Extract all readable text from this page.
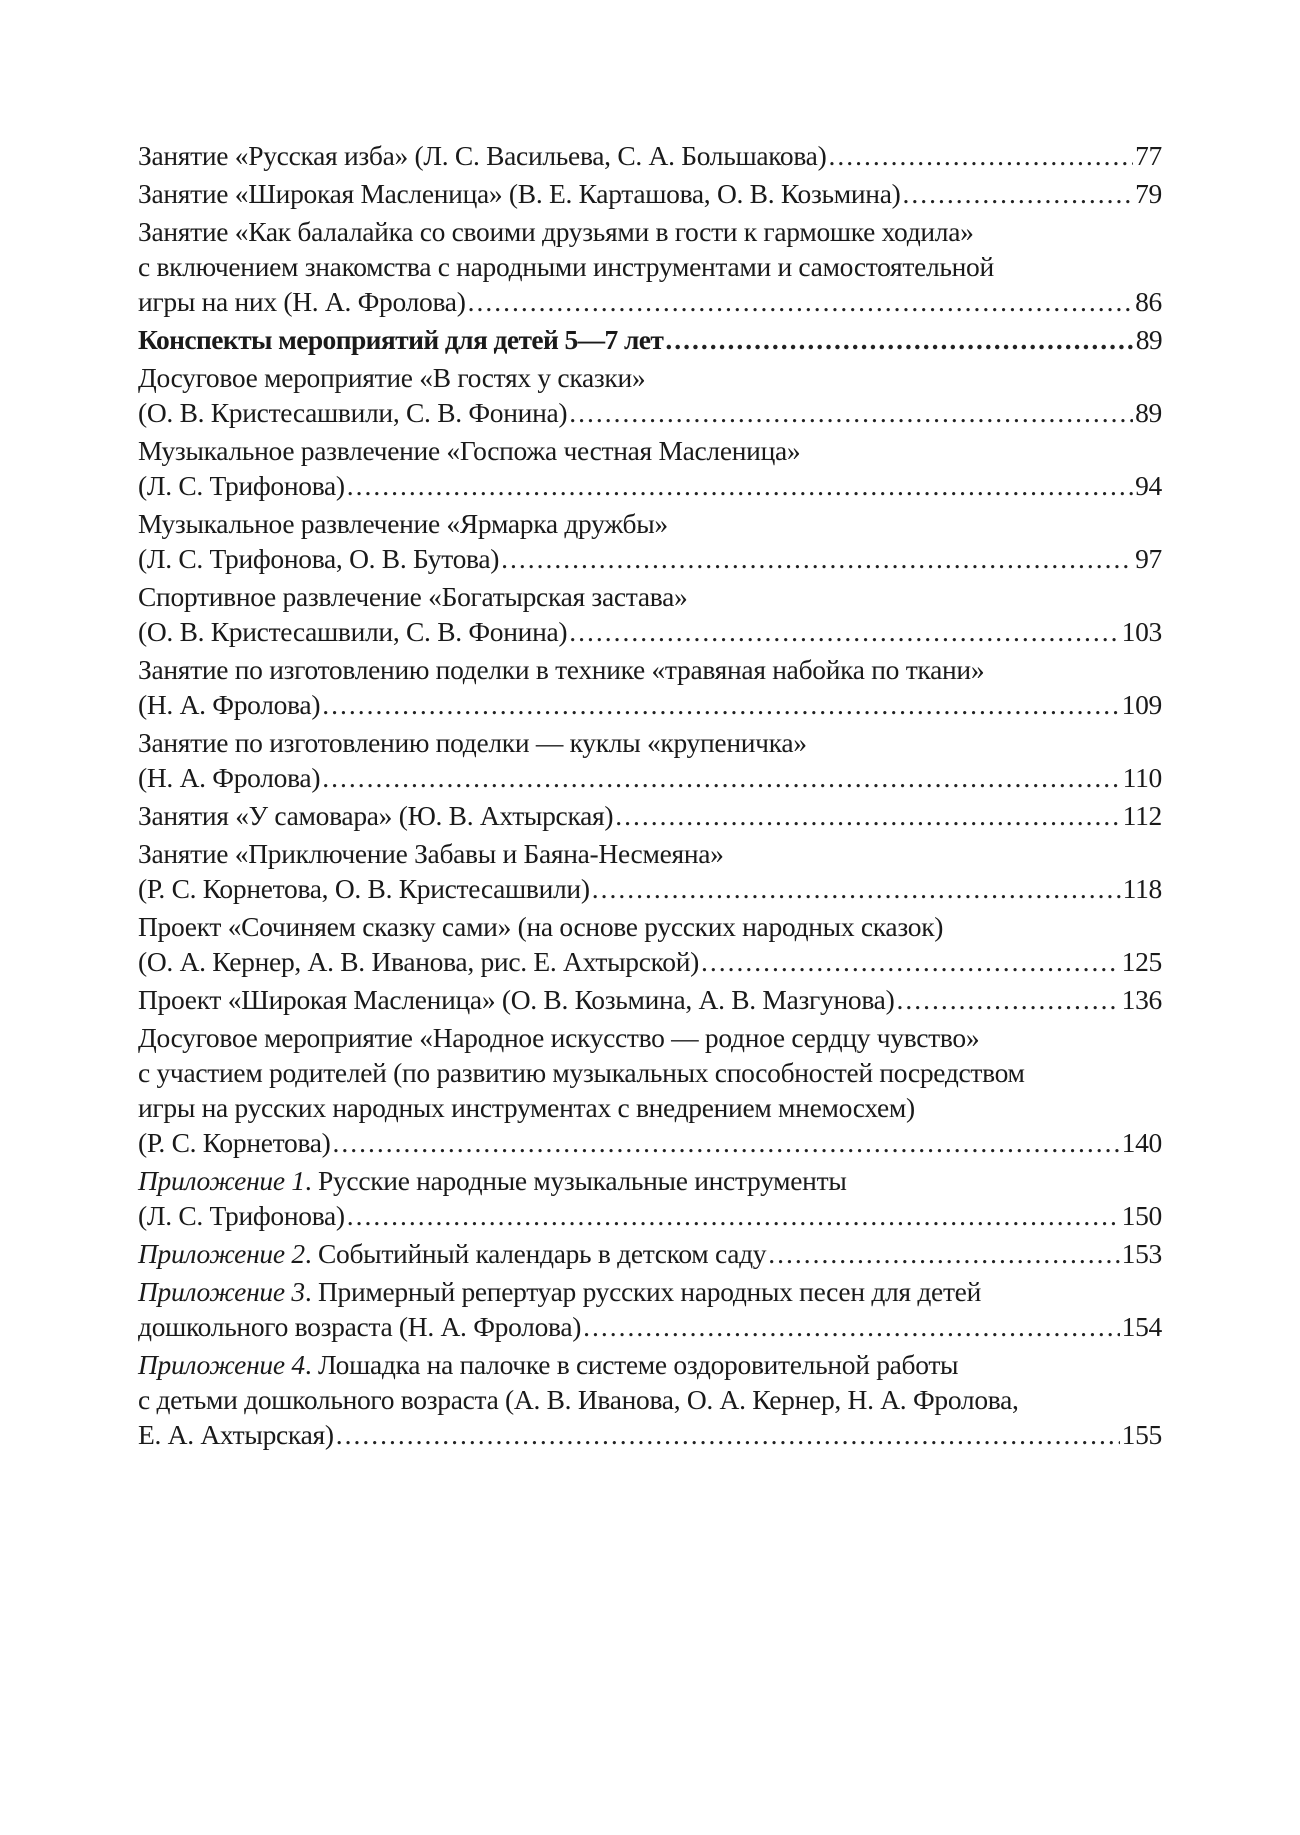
Занятие «Русская изба» (Л. С. Васильева, С. А. Большакова) .....	77
Занятие «Широкая Масленица» (В. Е. Карташова, О. В. Козьмина) .....	79
Занятие «Как балалайка со своими друзьями в гости к гармошке ходила»
с включением знакомства с народными инструментами и самостоятельной
игры на них (Н. А. Фролова) .....	86
Конспекты мероприятий для детей 5—7 лет .....	89
Досуговое мероприятие «В гостях у сказки»
(О. В. Кристесашвили, С. В. Фонина) .....	89
Музыкальное развлечение «Госпожа честная Масленица»
(Л. С. Трифонова) .....	94
Музыкальное развлечение «Ярмарка дружбы»
(Л. С. Трифонова, О. В. Бутова) .....	97
Спортивное развлечение «Богатырская застава»
(О. В. Кристесашвили, С. В. Фонина) .....	103
Занятие по изготовлению поделки в технике «травяная набойка по ткани»
(Н. А. Фролова) .....	109
Занятие по изготовлению поделки — куклы «крупеничка»
(Н. А. Фролова) .....	110
Занятия «У самовара» (Ю. В. Ахтырская) .....	112
Занятие «Приключение Забавы и Баяна-Несмеяна»
(Р. С. Корнетова, О. В. Кристесашвили) .....	118
Проект «Сочиняем сказку сами» (на основе русских народных сказок)
(О. А. Кернер, А. В. Иванова, рис. Е. Ахтырской) .....	125
Проект «Широкая Масленица» (О. В. Козьмина, А. В. Мазгунова) .....	136
Досуговое мероприятие «Народное искусство — родное сердцу чувство»
с участием родителей (по развитию музыкальных способностей посредством
игры на русских народных инструментах с внедрением мнемосхем)
(Р. С. Корнетова) .....	140
Приложение 1. Русские народные музыкальные инструменты
(Л. С. Трифонова) .....	150
Приложение 2. Событийный календарь в детском саду .....	153
Приложение 3. Примерный репертуар русских народных песен для детей
дошкольного возраста (Н. А. Фролова) .....	154
Приложение 4. Лошадка на палочке в системе оздоровительной работы
с детьми дошкольного возраста (А. В. Иванова, О. А. Кернер, Н. А. Фролова,
Е. А. Ахтырская) .....	155
